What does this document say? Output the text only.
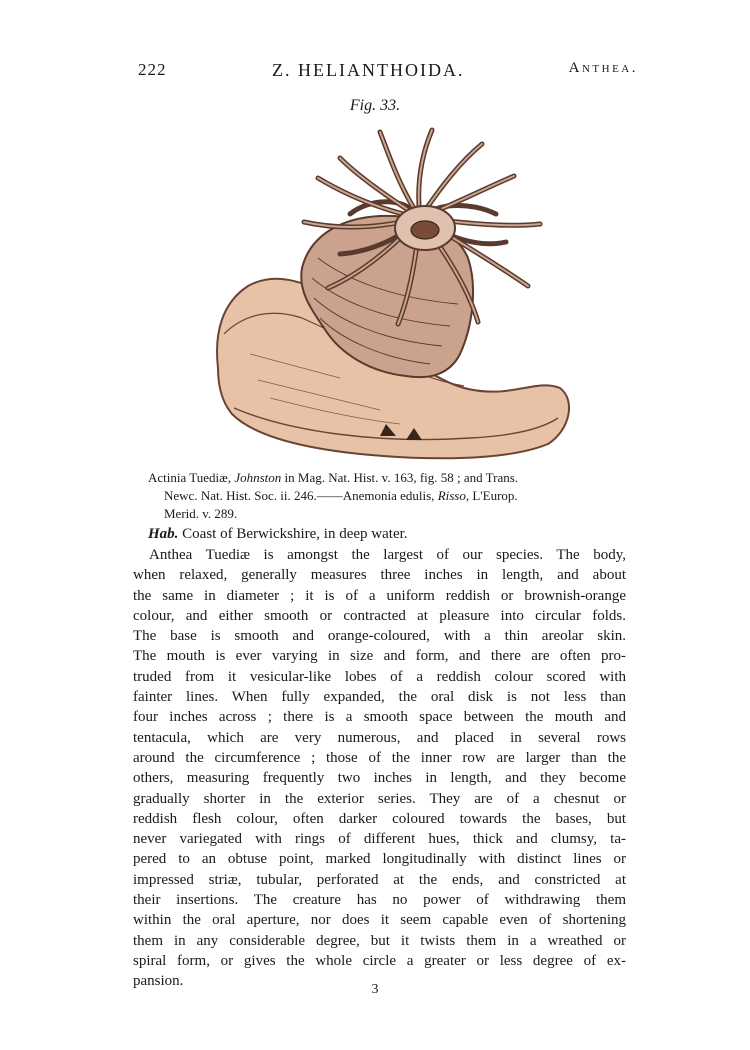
222	Z. HELIANTHOIDA.	Anthea.
Fig. 33.

Actinia Tuediæ, Johnston in Mag. Nat. Hist. v. 163, fig. 58 ; and Trans.

Newc. Nat. Hist. Soc. ii. 246.——Anemonia edulis, Risso, L'Europ.

Merid. v. 289.

Hab. Coast of Berwickshire, in deep water.
Anthea Tuediæ is amongst the largest of our species. The body,
when relaxed, generally measures three inches in length, and about
the same in diameter ; it is of a uniform reddish or brownish-orange
colour, and either smooth or contracted at pleasure into circular folds.
The base is smooth and orange-coloured, with a thin areolar skin.
The mouth is ever varying in size and form, and there are often pro-
truded from it vesicular-like lobes of a reddish colour scored with
fainter lines. When fully expanded, the oral disk is not less than
four inches across ; there is a smooth space between the mouth and
tentacula, which are very numerous, and placed in several rows
around the circumference ; those of the inner row are larger than the
others, measuring frequently two inches in length, and they become
gradually shorter in the exterior series. They are of a chesnut or
reddish flesh colour, often darker coloured towards the bases, but
never variegated with rings of different hues, thick and clumsy, ta-
pered to an obtuse point, marked longitudinally with distinct lines or
impressed striæ, tubular, perforated at the ends, and constricted at
their insertions. The creature has no power of withdrawing them
within the oral aperture, nor does it seem capable even of shortening
them in any considerable degree, but it twists them in a wreathed or
spiral form, or gives the whole circle a greater or less degree of ex-
pansion.
3
